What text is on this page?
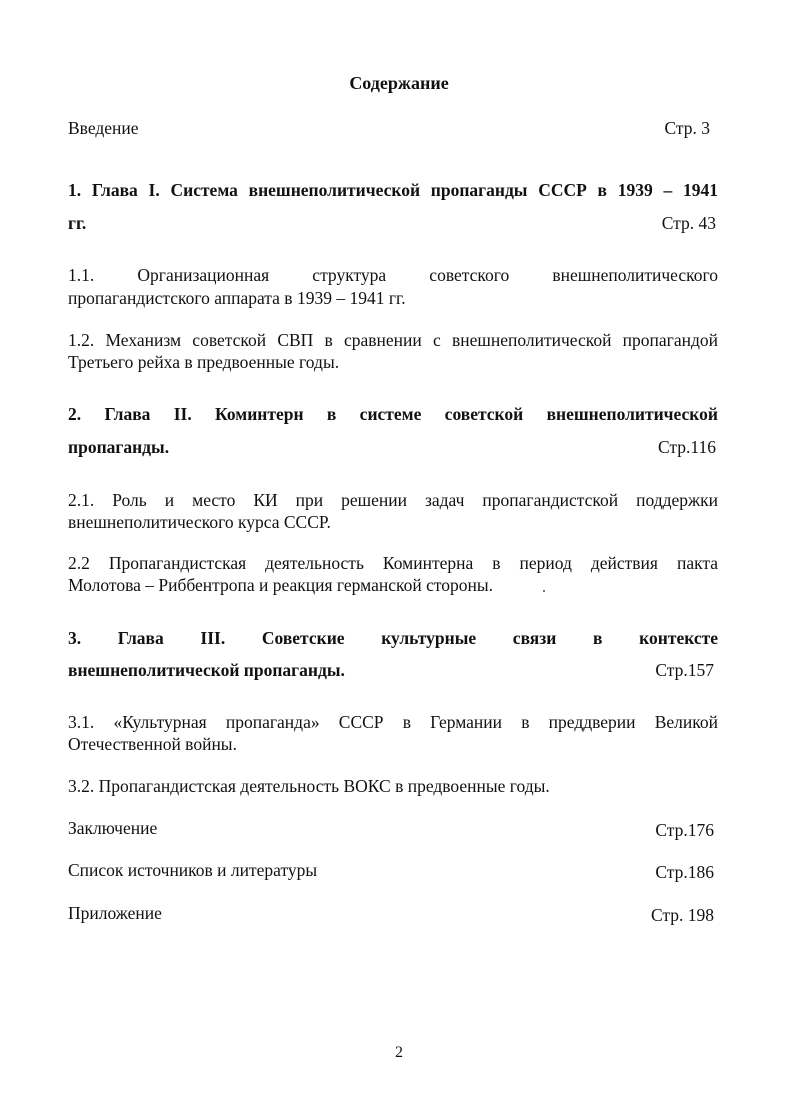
Содержание
Введение	Стр. 3
1. Глава I. Система внешнеполитической пропаганды СССР в 1939 – 1941
гг.	Стр. 43
1.1. Организационная структура советского внешнеполитического
пропагандистского аппарата в 1939 – 1941 гг.
1.2. Механизм советской СВП в сравнении с внешнеполитической пропагандой
Третьего рейха в предвоенные годы.
2. Глава II. Коминтерн в системе советской внешнеполитической
пропаганды.	Стр.116
2.1. Роль и место КИ при решении задач пропагандистской поддержки
внешнеполитического курса СССР.
2.2 Пропагандистская деятельность Коминтерна в период действия пакта
Молотова – Риббентропа и реакция германской стороны.
3. Глава III. Советские культурные связи в контексте
внешнеполитической пропаганды.	Стр.157
3.1. «Культурная пропаганда» СССР в Германии в преддверии Великой
Отечественной войны.
3.2. Пропагандистская деятельность ВОКС в предвоенные годы.
Заключение	Стр.176
Список источников и литературы	Стр.186
Приложение	Стр. 198
2
